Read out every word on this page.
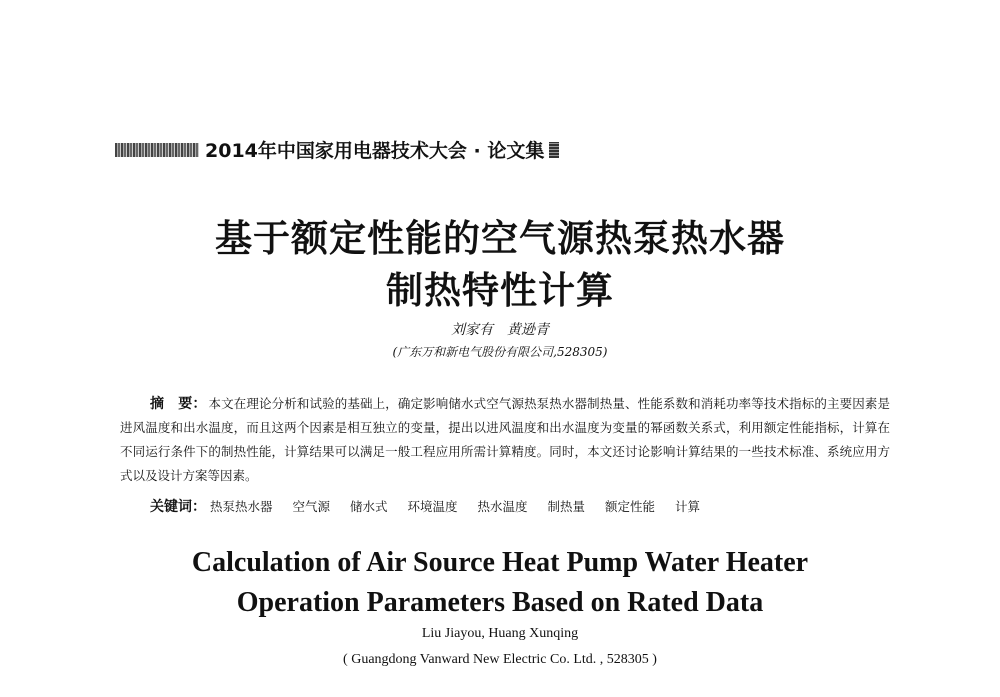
2014年中国家用电器技术大会 · 论文集
基于额定性能的空气源热泵热水器
制热特性计算
刘家有　黄逊青
(广东万和新电气股份有限公司,528305)
摘　要： 本文在理论分析和试验的基础上，确定影响储水式空气源热泵热水器制热量、性能系数和消耗功率等技术指标的主要因素是进风温度和出水温度，而且这两个因素是相互独立的变量，提出以进风温度和出水温度为变量的幂函数关系式，利用额定性能指标，计算在不同运行条件下的制热性能，计算结果可以满足一般工程应用所需计算精度。同时，本文还讨论影响计算结果的一些技术标准、系统应用方式以及设计方案等因素。
关键词： 热泵热水器 空气源 储水式 环境温度 热水温度 制热量 额定性能 计算
Calculation of Air Source Heat Pump Water Heater
Operation Parameters Based on Rated Data
Liu Jiayou, Huang Xunqing
( Guangdong Vanward New Electric Co. Ltd. , 528305 )
